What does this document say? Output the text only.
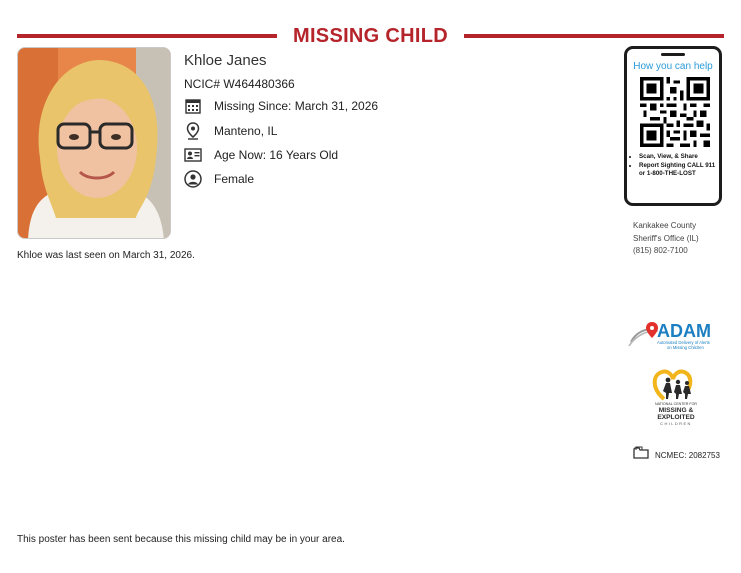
MISSING CHILD
Khloe Janes
NCIC# W464480366
Missing Since: March 31, 2026
Manteno, IL
Age Now: 16 Years Old
Female
Khloe was last seen on March 31, 2026.
How you can help
• Scan, View, & Share
• Report Sighting CALL 911 or 1-800-THE-LOST
Kankakee County
Sheriff's Office (IL)
(815) 802-7100
ADAM
Automated Delivery of Alerts
on Missing Children
NATIONAL CENTER FOR
MISSING &
EXPLOITED
CHILDREN
NCMEC: 2082753
This poster has been sent because this missing child may be in your area.
